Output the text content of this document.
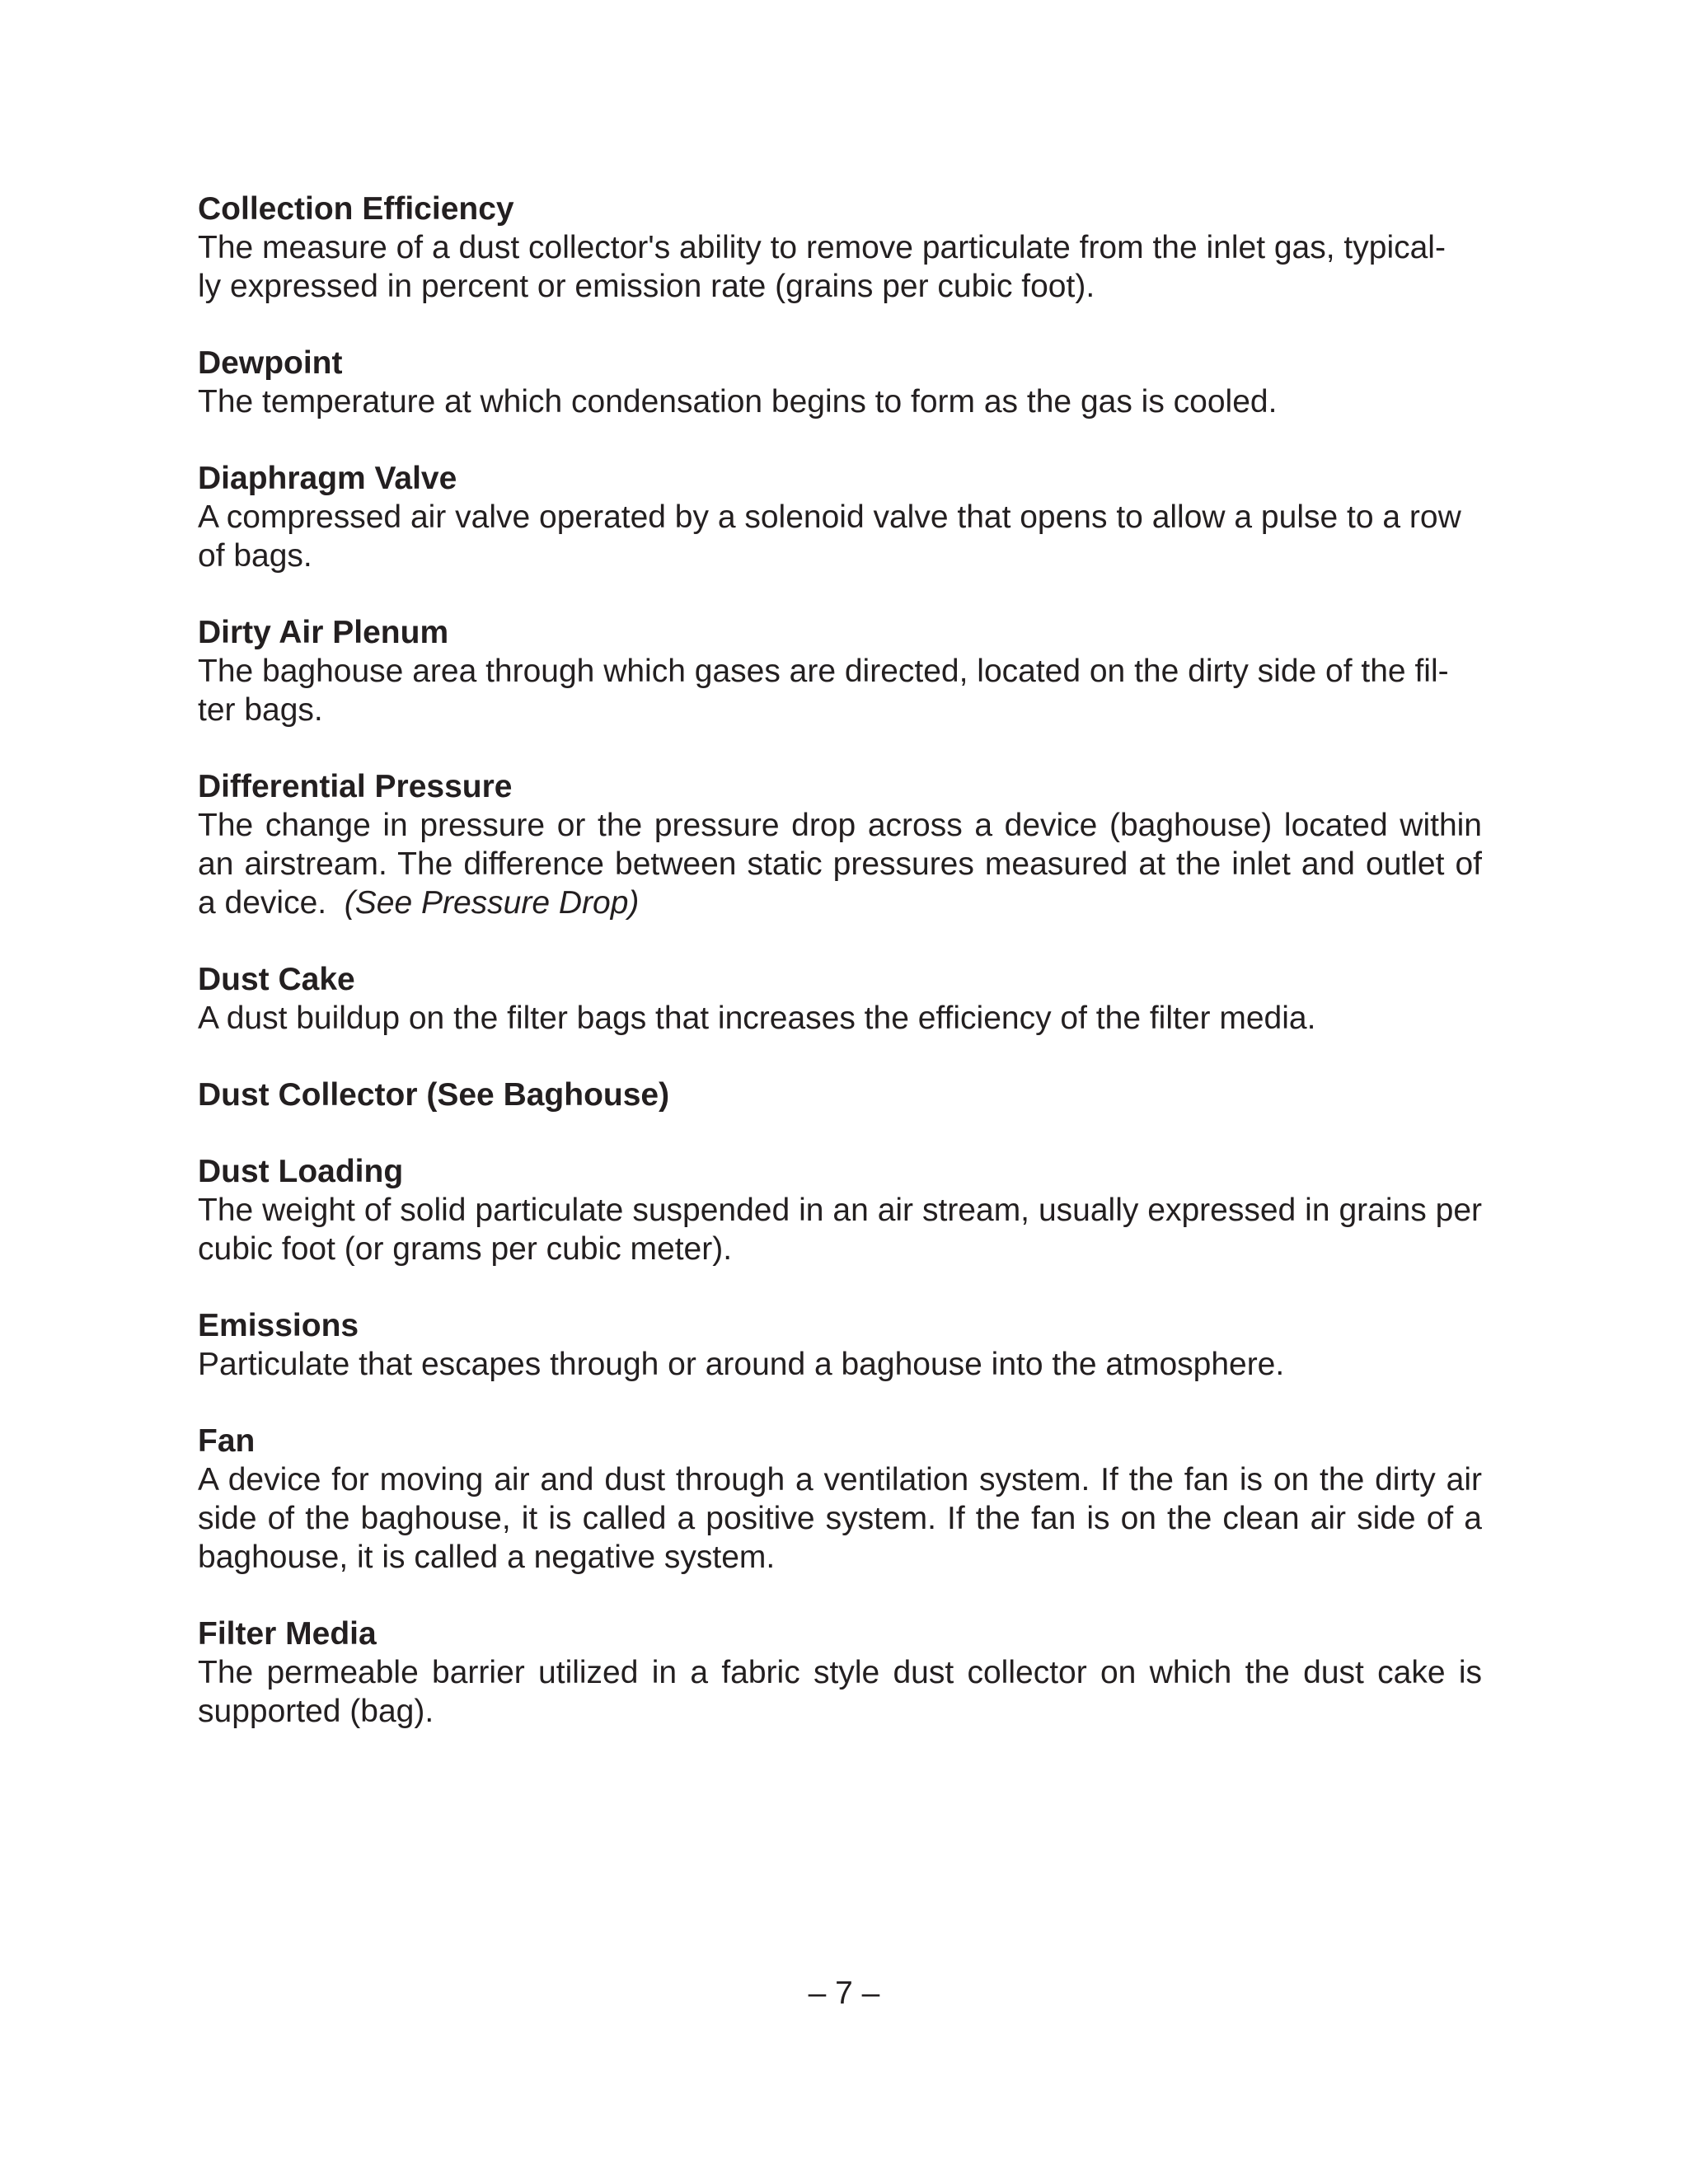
Collection Efficiency

The measure of a dust collector's ability to remove particulate from the inlet gas, typical-
ly expressed in percent or emission rate (grains per cubic foot).

Dewpoint

The temperature at which condensation begins to form as the gas is cooled.

Diaphragm Valve

A compressed air valve operated by a solenoid valve that opens to allow a pulse to a row of bags.

Dirty Air Plenum

The baghouse area through which gases are directed, located on the dirty side of the fil-
ter bags.

Differential Pressure

The change in pressure or the pressure drop across a device (baghouse) located within an airstream. The difference between static pressures measured at the inlet and outlet of a device. (See Pressure Drop)

Dust Cake

A dust buildup on the filter bags that increases the efficiency of the filter media.

Dust Collector (See Baghouse)

Dust Loading

The weight of solid particulate suspended in an air stream, usually expressed in grains per cubic foot (or grams per cubic meter).

Emissions

Particulate that escapes through or around a baghouse into the atmosphere.

Fan

A device for moving air and dust through a ventilation system. If the fan is on the dirty air side of the baghouse, it is called a positive system. If the fan is on the clean air side of a baghouse, it is called a negative system.

Filter Media

The permeable barrier utilized in a fabric style dust collector on which the dust cake is supported (bag).

– 7 –
